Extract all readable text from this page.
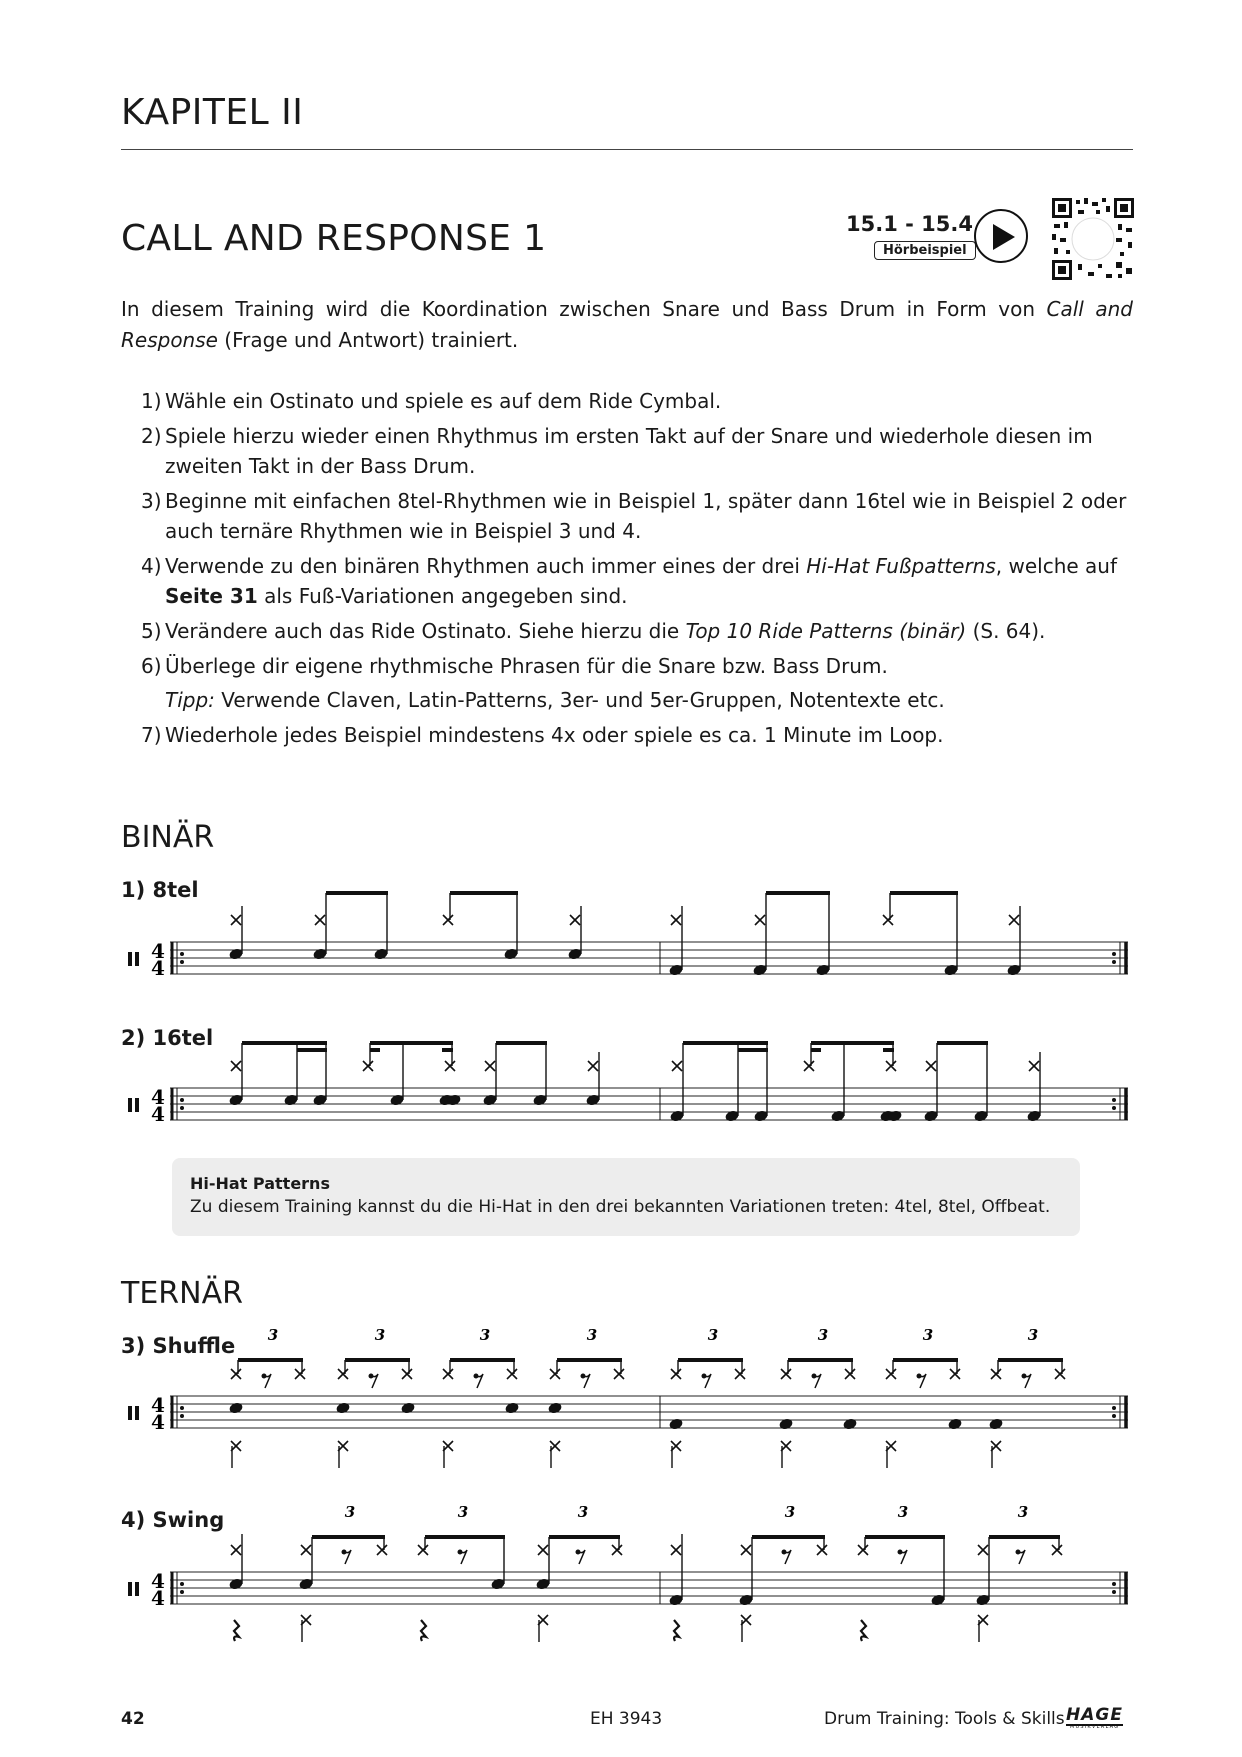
KAPITEL II
CALL AND RESPONSE 1	15.1 - 15.4
Hörbeispiel

In diesem Training wird die Koordination zwischen Snare und Bass Drum in Form von Call and Response (Frage und Antwort) trainiert.

1) Wähle ein Ostinato und spiele es auf dem Ride Cymbal.
2) Spiele hierzu wieder einen Rhythmus im ersten Takt auf der Snare und wiederhole diesen im zweiten Takt in der Bass Drum.
3) Beginne mit einfachen 8tel-Rhythmen wie in Beispiel 1, später dann 16tel wie in Beispiel 2 oder auch ternäre Rhythmen wie in Beispiel 3 und 4.
4) Verwende zu den binären Rhythmen auch immer eines der drei Hi-Hat Fußpatterns, welche auf Seite 31 als Fuß-Variationen angegeben sind.
5) Verändere auch das Ride Ostinato. Siehe hierzu die Top 10 Ride Patterns (binär) (S. 64).
6) Überlege dir eigene rhythmische Phrasen für die Snare bzw. Bass Drum.
Tipp: Verwende Claven, Latin-Patterns, 3er- und 5er-Gruppen, Notentexte etc.
7) Wiederhole jedes Beispiel mindestens 4x oder spiele es ca. 1 Minute im Loop.
BINÄR
1) 8tel
4
4
2) 16tel
4
4
Hi-Hat Patterns
Zu diesem Training kannst du die Hi-Hat in den drei bekannten Variationen treten: 4tel, 8tel, Offbeat.
TERNÄR
3) Shuffle
4
4
3	3	3	3	3	3	3	3
4) Swing
4
4
3	3	3	3	3	3
42	EH 3943	Drum Training: Tools & Skills HAGE
MUSIKVERLAG
